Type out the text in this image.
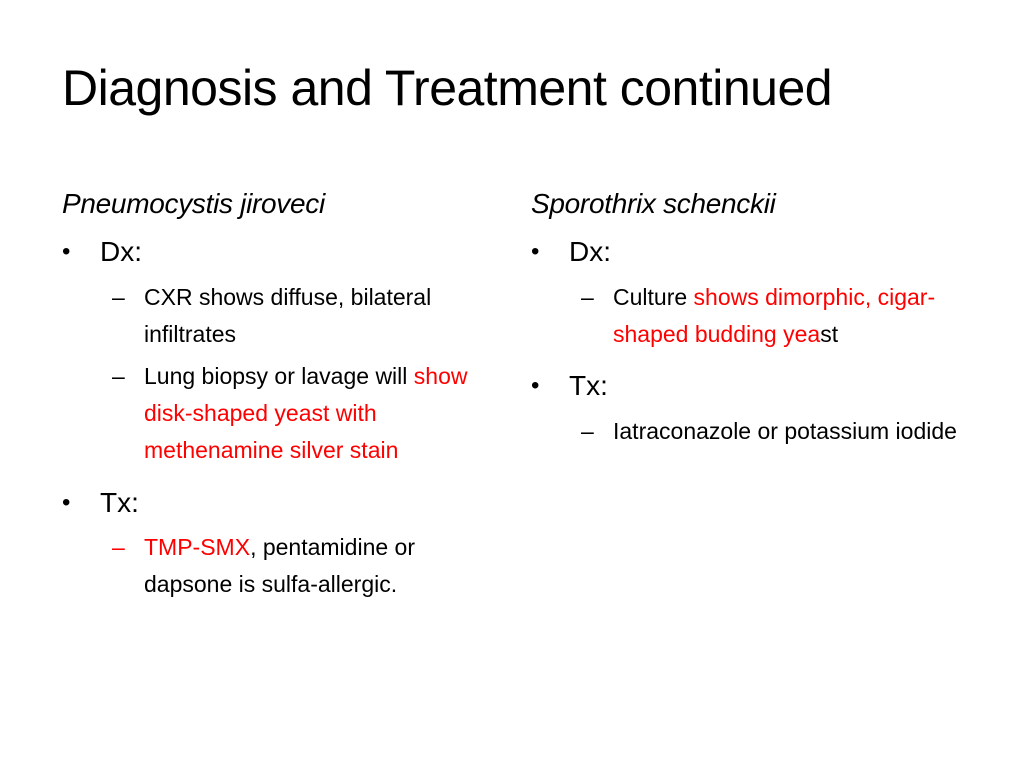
Diagnosis and Treatment continued
Pneumocystis jiroveci
•	Dx:
– CXR shows diffuse, bilateral infiltrates
– Lung biopsy or lavage will show disk-shaped yeast with methenamine silver stain
•	Tx:
– TMP-SMX, pentamidine or dapsone is sulfa-allergic.
Sporothrix schenckii
•	Dx:
– Culture shows dimorphic, cigar-shaped budding yeast
•	Tx:
– Iatraconazole or potassium iodide
